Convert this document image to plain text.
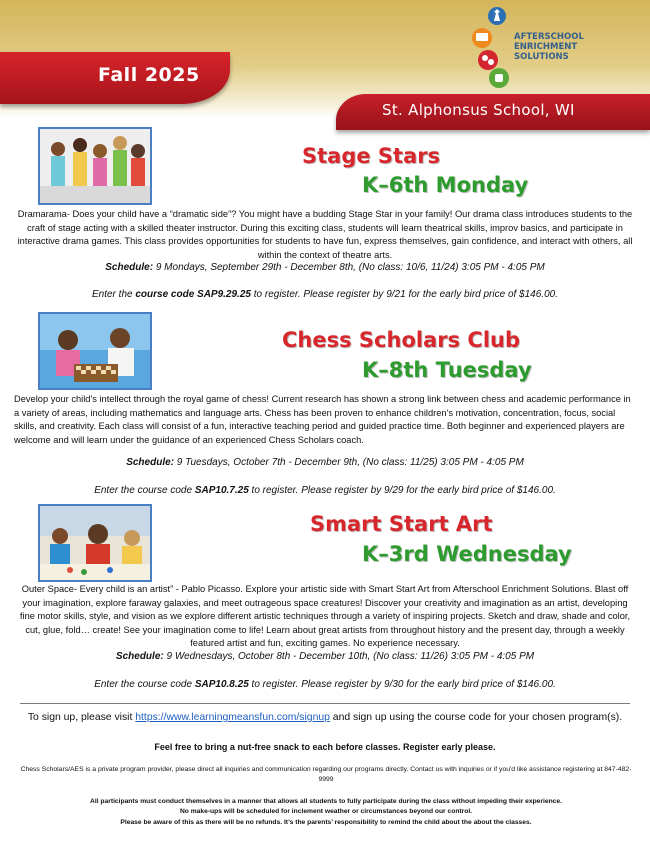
Fall 2025
AFTERSCHOOL
ENRICHMENT
SOLUTIONS
St. Alphonsus School, WI
Stage Stars
K–6th Monday
Dramarama- Does your child have a “dramatic side”? You might have a budding Stage Star in your family! Our drama class introduces students to the craft of stage acting with a skilled theater instructor. During this exciting class, students will learn theatrical skills, improv basics, and participate in interactive drama games. This class provides opportunities for students to have fun, express themselves, gain confidence, and interact with others, all within the context of theatre arts.
Schedule: 9 Mondays, September 29th - December 8th, (No class: 10/6, 11/24) 3:05 PM - 4:05 PM
Enter the course code SAP9.29.25 to register. Please register by 9/21 for the early bird price of $146.00.
Chess Scholars Club
K–8th Tuesday
Develop your child's intellect through the royal game of chess! Current research has shown a strong link between chess and academic performance in a variety of areas, including mathematics and language arts. Chess has been proven to enhance children's motivation, concentration, focus, social skills, and creativity. Each class will consist of a fun, interactive teaching period and guided practice time. Both beginner and experienced players are welcome and will learn under the guidance of an experienced Chess Scholars coach.
Schedule: 9 Tuesdays, October 7th - December 9th, (No class: 11/25) 3:05 PM - 4:05 PM
Enter the course code SAP10.7.25 to register. Please register by 9/29 for the early bird price of $146.00.
Smart Start Art
K–3rd Wednesday
Outer Space- Every child is an artist” - Pablo Picasso. Explore your artistic side with Smart Start Art from Afterschool Enrichment Solutions. Blast off your imagination, explore faraway galaxies, and meet outrageous space creatures! Discover your creativity and imagination as an artist, developing fine motor skills, style, and vision as we explore different artistic techniques through a variety of inspiring projects. Sketch and draw, shade and color, cut, glue, fold… create! See your imagination come to life! Learn about great artists from throughout history and the present day, through a weekly featured artist and fun, exciting games. No experience necessary.
Schedule: 9 Wednesdays, October 8th - December 10th, (No class: 11/26) 3:05 PM - 4:05 PM
Enter the course code SAP10.8.25 to register. Please register by 9/30 for the early bird price of $146.00.
To sign up, please visit https://www.learningmeansfun.com/signup and sign up using the course code for your chosen program(s).
Feel free to bring a nut-free snack to each before classes. Register early please.
Chess Scholars/AES is a private program provider, please direct all inquiries and communication regarding our programs directly. Contact us with inquiries or if you'd like assistance registering at 847-482-9999
All participants must conduct themselves in a manner that allows all students to fully participate during the class without impeding their experience.
No make-ups will be scheduled for inclement weather or circumstances beyond our control.
Please be aware of this as there will be no refunds. It’s the parents’ responsibility to remind the child about the about the classes.
